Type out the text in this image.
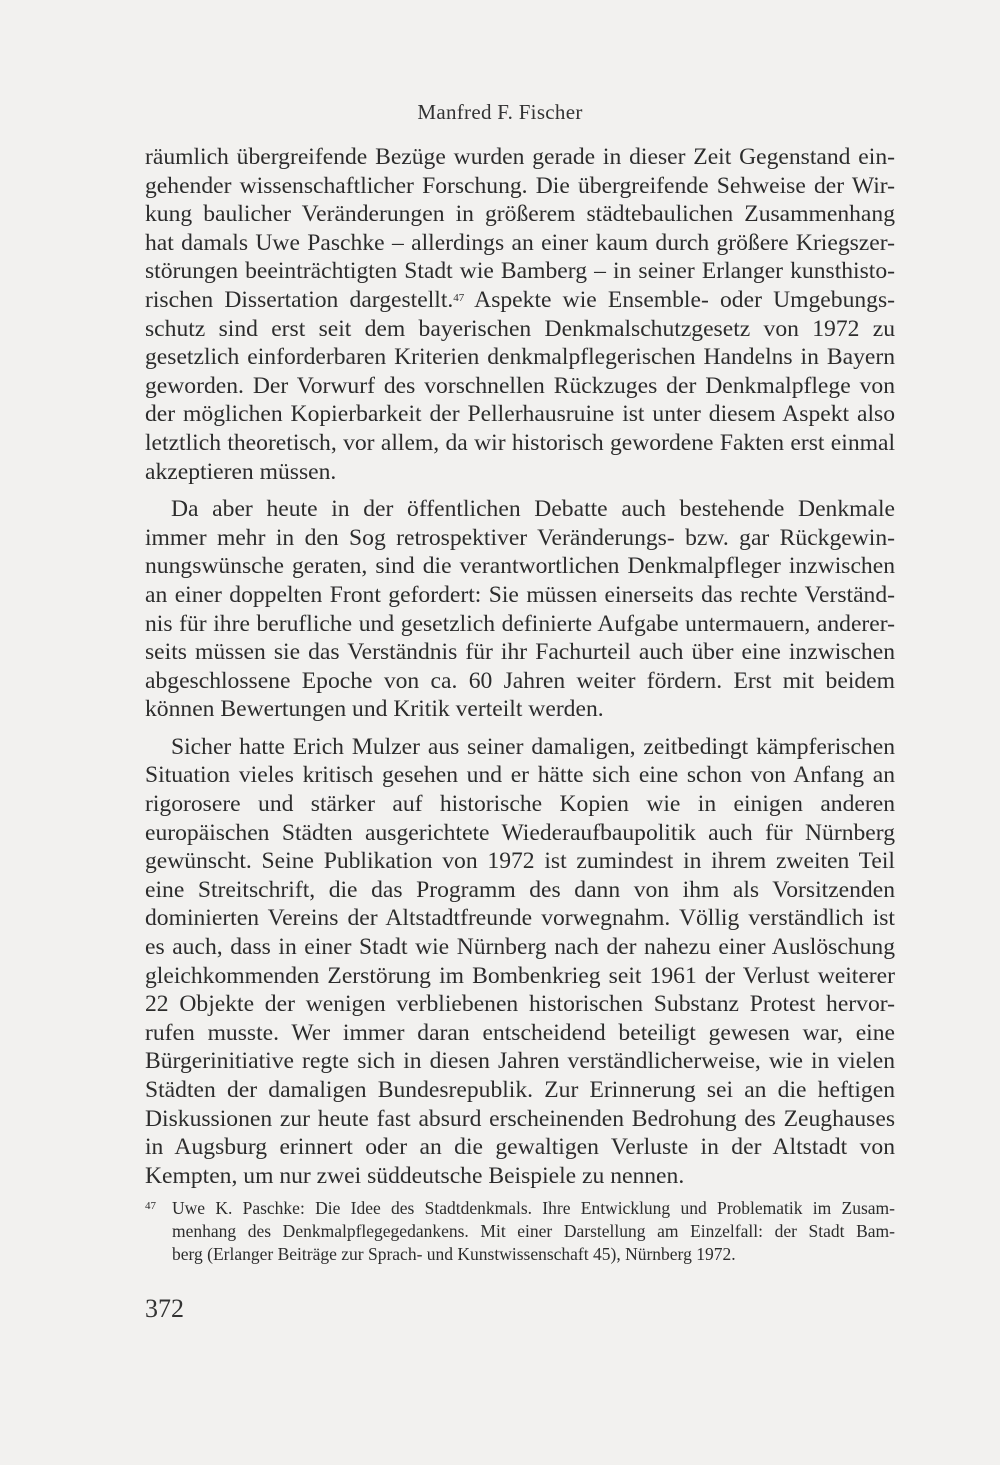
Manfred F. Fischer
räumlich übergreifende Bezüge wurden gerade in dieser Zeit Gegenstand ein-
gehender wissenschaftlicher Forschung. Die übergreifende Sehweise der Wir-
kung baulicher Veränderungen in größerem städtebaulichen Zusammenhang
hat damals Uwe Paschke – allerdings an einer kaum durch größere Kriegszer-
störungen beeinträchtigten Stadt wie Bamberg – in seiner Erlanger kunsthisto-
rischen Dissertation dargestellt.$^{47}$ Aspekte wie Ensemble- oder Umgebungs-
schutz sind erst seit dem bayerischen Denkmalschutzgesetz von 1972 zu
gesetzlich einforderbaren Kriterien denkmalpflegerischen Handelns in Bayern
geworden. Der Vorwurf des vorschnellen Rückzuges der Denkmalpflege von
der möglichen Kopierbarkeit der Pellerhausruine ist unter diesem Aspekt also
letztlich theoretisch, vor allem, da wir historisch gewordene Fakten erst einmal
akzeptieren müssen.
Da aber heute in der öffentlichen Debatte auch bestehende Denkmale
immer mehr in den Sog retrospektiver Veränderungs- bzw. gar Rückgewin-
nungswünsche geraten, sind die verantwortlichen Denkmalpfleger inzwischen
an einer doppelten Front gefordert: Sie müssen einerseits das rechte Verständ-
nis für ihre berufliche und gesetzlich definierte Aufgabe untermauern, anderer-
seits müssen sie das Verständnis für ihr Fachurteil auch über eine inzwischen
abgeschlossene Epoche von ca. 60 Jahren weiter fördern. Erst mit beidem
können Bewertungen und Kritik verteilt werden.
Sicher hatte Erich Mulzer aus seiner damaligen, zeitbedingt kämpferischen
Situation vieles kritisch gesehen und er hätte sich eine schon von Anfang an
rigorosere und stärker auf historische Kopien wie in einigen anderen
europäischen Städten ausgerichtete Wiederaufbaupolitik auch für Nürnberg
gewünscht. Seine Publikation von 1972 ist zumindest in ihrem zweiten Teil
eine Streitschrift, die das Programm des dann von ihm als Vorsitzenden
dominierten Vereins der Altstadtfreunde vorwegnahm. Völlig verständlich ist
es auch, dass in einer Stadt wie Nürnberg nach der nahezu einer Auslöschung
gleichkommenden Zerstörung im Bombenkrieg seit 1961 der Verlust weiterer
22 Objekte der wenigen verbliebenen historischen Substanz Protest hervor-
rufen musste. Wer immer daran entscheidend beteiligt gewesen war, eine
Bürgerinitiative regte sich in diesen Jahren verständlicherweise, wie in vielen
Städten der damaligen Bundesrepublik. Zur Erinnerung sei an die heftigen
Diskussionen zur heute fast absurd erscheinenden Bedrohung des Zeughauses
in Augsburg erinnert oder an die gewaltigen Verluste in der Altstadt von
Kempten, um nur zwei süddeutsche Beispiele zu nennen.
47 Uwe K. Paschke: Die Idee des Stadtdenkmals. Ihre Entwicklung und Problematik im Zusam-
menhang des Denkmalpflegegedankens. Mit einer Darstellung am Einzelfall: der Stadt Bam-
berg (Erlanger Beiträge zur Sprach- und Kunstwissenschaft 45), Nürnberg 1972.
372
